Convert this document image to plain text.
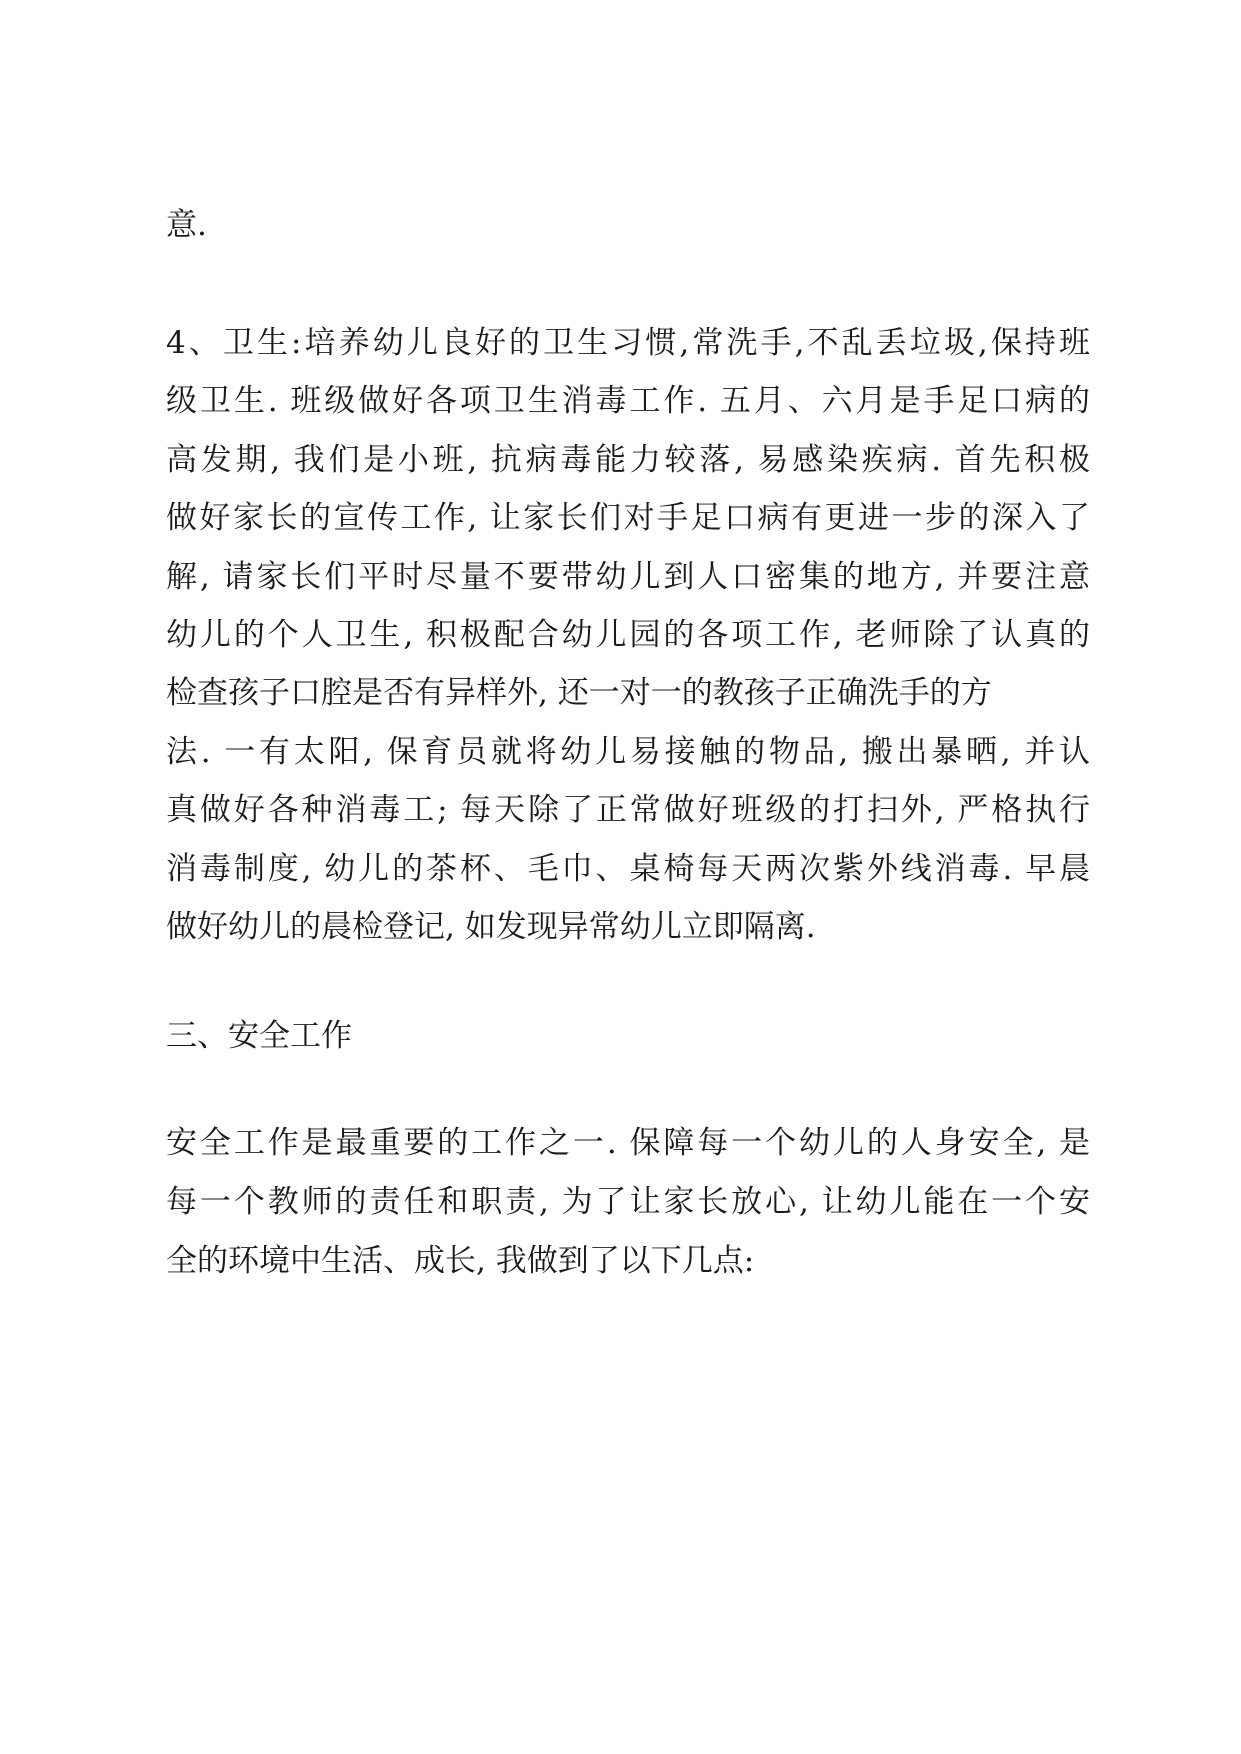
意.
4、卫生:培养幼儿良好的卫生习惯,常洗手,不乱丢垃圾,保持班
级卫生. 班级做好各项卫生消毒工作. 五月、六月是手足口病的
高发期, 我们是小班, 抗病毒能力较落, 易感染疾病. 首先积极
做好家长的宣传工作, 让家长们对手足口病有更进一步的深入了
解, 请家长们平时尽量不要带幼儿到人口密集的地方, 并要注意
幼儿的个人卫生, 积极配合幼儿园的各项工作, 老师除了认真的
检查孩子口腔是否有异样外, 还一对一的教孩子正确洗手的方
法. 一有太阳, 保育员就将幼儿易接触的物品, 搬出暴晒, 并认
真做好各种消毒工; 每天除了正常做好班级的打扫外, 严格执行
消毒制度, 幼儿的茶杯、毛巾、桌椅每天两次紫外线消毒. 早晨
做好幼儿的晨检登记, 如发现异常幼儿立即隔离.
三、安全工作
安全工作是最重要的工作之一. 保障每一个幼儿的人身安全, 是
每一个教师的责任和职责, 为了让家长放心, 让幼儿能在一个安
全的环境中生活、成长, 我做到了以下几点:
